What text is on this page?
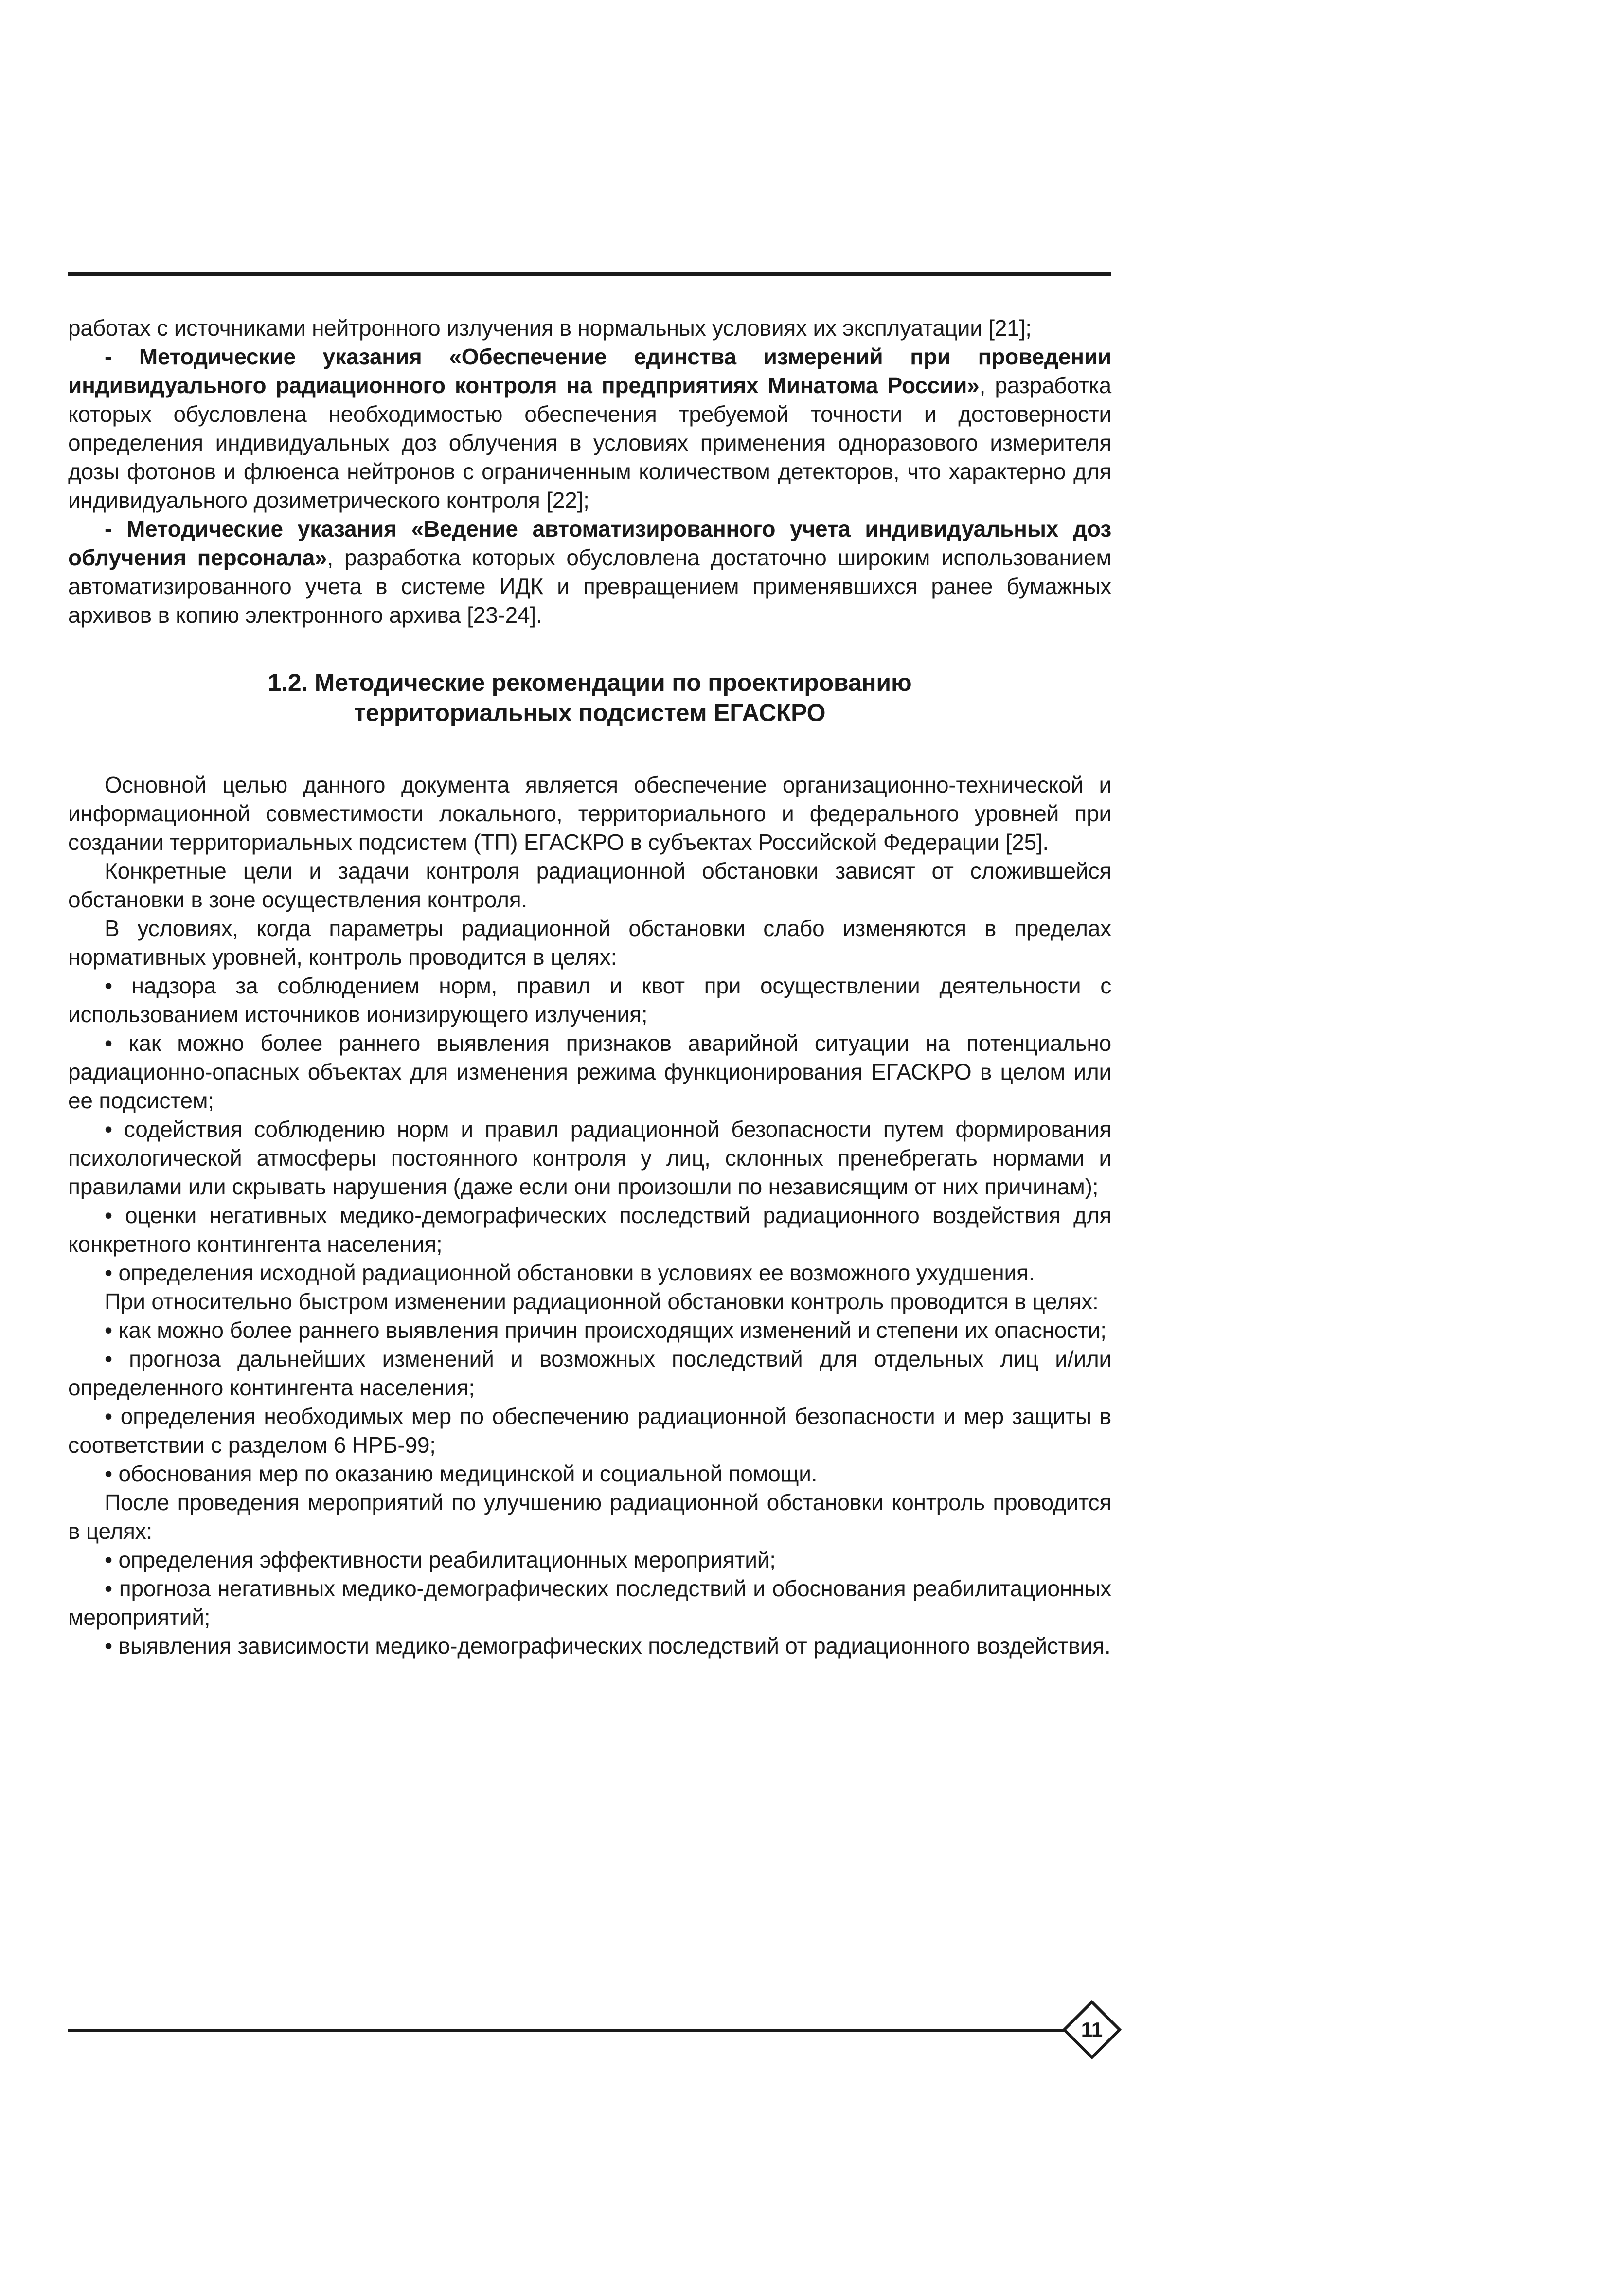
работах с источниками нейтронного излучения в нормальных условиях их эксплуатации [21];

- Методические указания «Обеспечение единства измерений при проведении индивидуального радиационного контроля на предприятиях Минатома России», разработка которых обусловлена необходимостью обеспечения требуемой точности и достоверности определения индивидуальных доз облучения в условиях применения одноразового измерителя дозы фотонов и флюенса нейтронов с ограниченным количеством детекторов, что характерно для индивидуального дозиметрического контроля [22];

- Методические указания «Ведение автоматизированного учета индивидуальных доз облучения персонала», разработка которых обусловлена достаточно широким использованием автоматизированного учета в системе ИДК и превращением применявшихся ранее бумажных архивов в копию электронного архива [23-24].

1.2. Методические рекомендации по проектированию
территориальных подсистем ЕГАСКРО

Основной целью данного документа является обеспечение организационно-технической и информационной совместимости локального, территориального и федерального уровней при создании территориальных подсистем (ТП) ЕГАСКРО в субъектах Российской Федерации [25].

Конкретные цели и задачи контроля радиационной обстановки зависят от сложившейся обстановки в зоне осуществления контроля.

В условиях, когда параметры радиационной обстановки слабо изменяются в пределах нормативных уровней, контроль проводится в целях:

• надзора за соблюдением норм, правил и квот при осуществлении деятельности с использованием источников ионизирующего излучения;

• как можно более раннего выявления признаков аварийной ситуации на потенциально радиационно-опасных объектах для изменения режима функционирования ЕГАСКРО в целом или ее подсистем;

• содействия соблюдению норм и правил радиационной безопасности путем формирования психологической атмосферы постоянного контроля у лиц, склонных пренебрегать нормами и правилами или скрывать нарушения (даже если они произошли по независящим от них причинам);

• оценки негативных медико-демографических последствий радиационного воздействия для конкретного контингента населения;

• определения исходной радиационной обстановки в условиях ее возможного ухудшения.

При относительно быстром изменении радиационной обстановки контроль проводится в целях:

• как можно более раннего выявления причин происходящих изменений и степени их опасности;

• прогноза дальнейших изменений и возможных последствий для отдельных лиц и/или определенного контингента населения;

• определения необходимых мер по обеспечению радиационной безопасности и мер защиты в соответствии с разделом 6 НРБ-99;

• обоснования мер по оказанию медицинской и социальной помощи.

После проведения мероприятий по улучшению радиационной обстановки контроль проводится в целях:

• определения эффективности реабилитационных мероприятий;

• прогноза негативных медико-демографических последствий и обоснования реабилитационных мероприятий;

• выявления зависимости медико-демографических последствий от радиационного воздействия.

11
